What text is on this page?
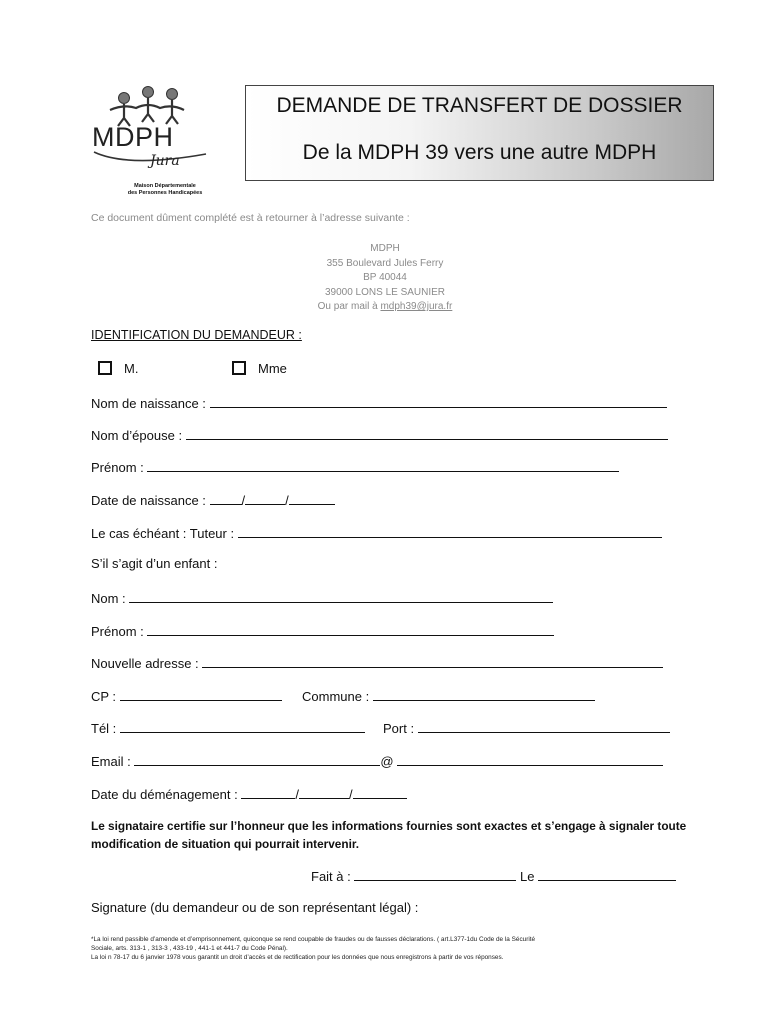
MDPH
Jura
Maison Départementale
des Personnes Handicapées
DEMANDE DE TRANSFERT DE DOSSIER
De la MDPH 39 vers une autre MDPH
Ce document dûment complété est à retourner à l’adresse suivante :
MDPH
355 Boulevard Jules Ferry
BP 40044
39000 LONS LE SAUNIER
Ou par mail à mdph39@jura.fr
IDENTIFICATION DU DEMANDEUR :
M.	Mme
Nom de naissance :
Nom d’épouse :
Prénom :
Date de naissance :	/	/
Le cas échéant : Tuteur :
S’il s’agit d’un enfant :
Nom :
Prénom :
Nouvelle adresse :
CP :	Commune :
Tél :	Port :
Email :	@
Date du déménagement :	/	/
Le signataire certifie sur l’honneur que les informations fournies sont exactes et s’engage à signaler toute modification de situation qui pourrait intervenir.
Fait à :	Le
Signature (du demandeur ou de son représentant légal) :
*La loi rend passible d’amende et d’emprisonnement, quiconque se rend coupable de fraudes ou de fausses déclarations. ( art.L377-1du Code de la Sécurité
Sociale, arts. 313-1 , 313-3 , 433-19 , 441-1 et 441-7 du Code Pénal).
La loi n 78-17 du 6 janvier 1978 vous garantit un droit d’accès et de rectification pour les données que nous enregistrons à partir de vos réponses.
